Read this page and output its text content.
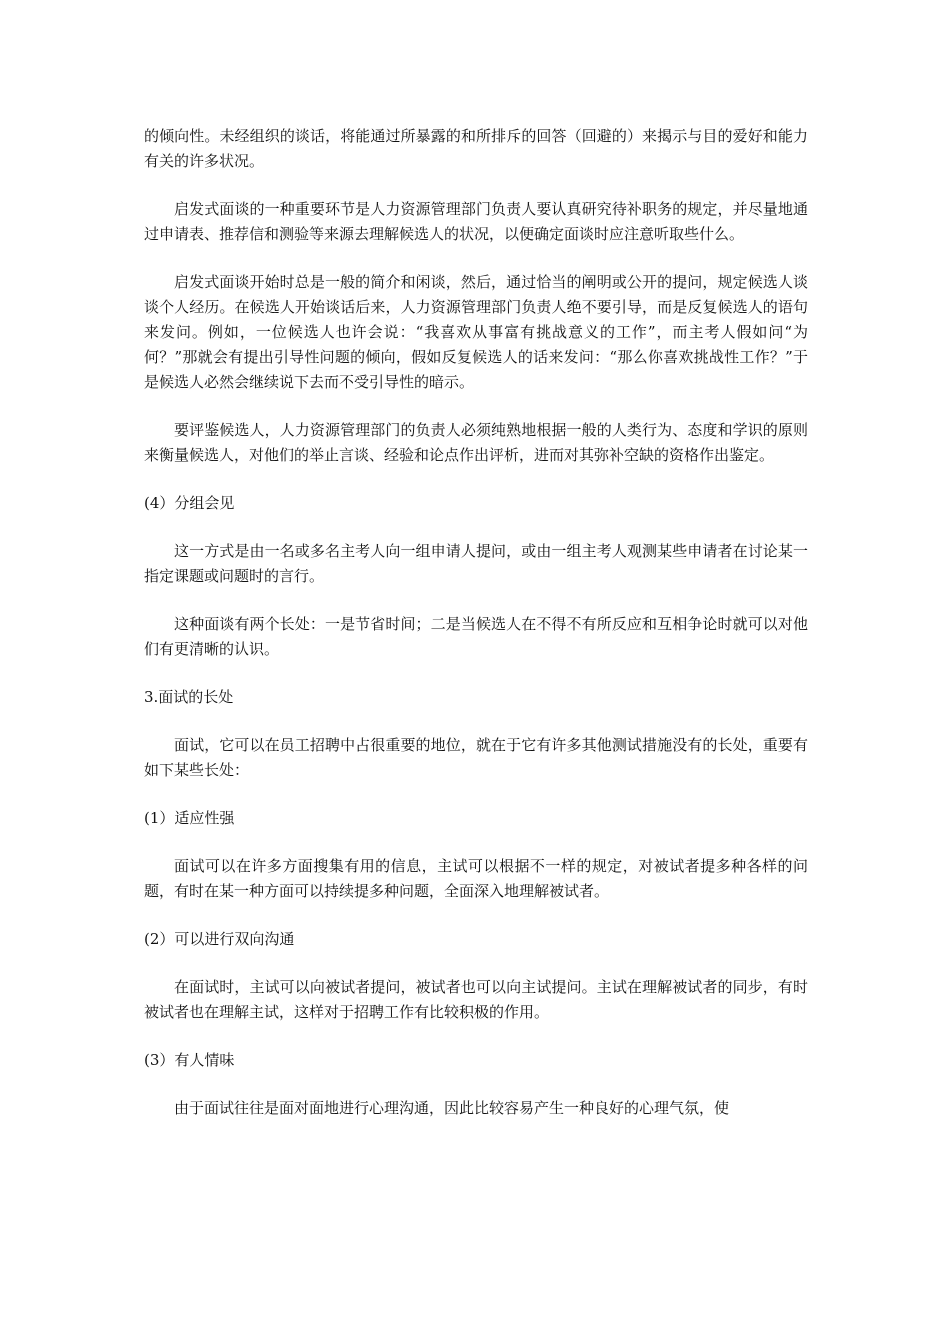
的倾向性。未经组织的谈话，将能通过所暴露的和所排斥的回答（回避的）来揭示与目的爱好和能力有关的许多状况。

启发式面谈的一种重要环节是人力资源管理部门负责人要认真研究待补职务的规定，并尽量地通过申请表、推荐信和测验等来源去理解候选人的状况，以便确定面谈时应注意听取些什么。

启发式面谈开始时总是一般的简介和闲谈，然后，通过恰当的阐明或公开的提问，规定候选人谈谈个人经历。在候选人开始谈话后来，人力资源管理部门负责人绝不要引导，而是反复候选人的语句来发问。例如，一位候选人也许会说：“我喜欢从事富有挑战意义的工作”，而主考人假如问“为何？”那就会有提出引导性问题的倾向，假如反复候选人的话来发问：“那么你喜欢挑战性工作？”于是候选人必然会继续说下去而不受引导性的暗示。

要评鉴候选人，人力资源管理部门的负责人必须纯熟地根据一般的人类行为、态度和学识的原则来衡量候选人，对他们的举止言谈、经验和论点作出评析，进而对其弥补空缺的资格作出鉴定。

(4）分组会见

这一方式是由一名或多名主考人向一组申请人提问，或由一组主考人观测某些申请者在讨论某一指定课题或问题时的言行。

这种面谈有两个长处：一是节省时间；二是当候选人在不得不有所反应和互相争论时就可以对他们有更清晰的认识。

3.面试的长处

面试，它可以在员工招聘中占很重要的地位，就在于它有许多其他测试措施没有的长处，重要有如下某些长处：

(1）适应性强

面试可以在许多方面搜集有用的信息，主试可以根据不一样的规定，对被试者提多种各样的问题，有时在某一种方面可以持续提多种问题，全面深入地理解被试者。

(2）可以进行双向沟通

在面试时，主试可以向被试者提问，被试者也可以向主试提问。主试在理解被试者的同步，有时被试者也在理解主试，这样对于招聘工作有比较积极的作用。

(3）有人情味

由于面试往往是面对面地进行心理沟通，因此比较容易产生一种良好的心理气氛，使
